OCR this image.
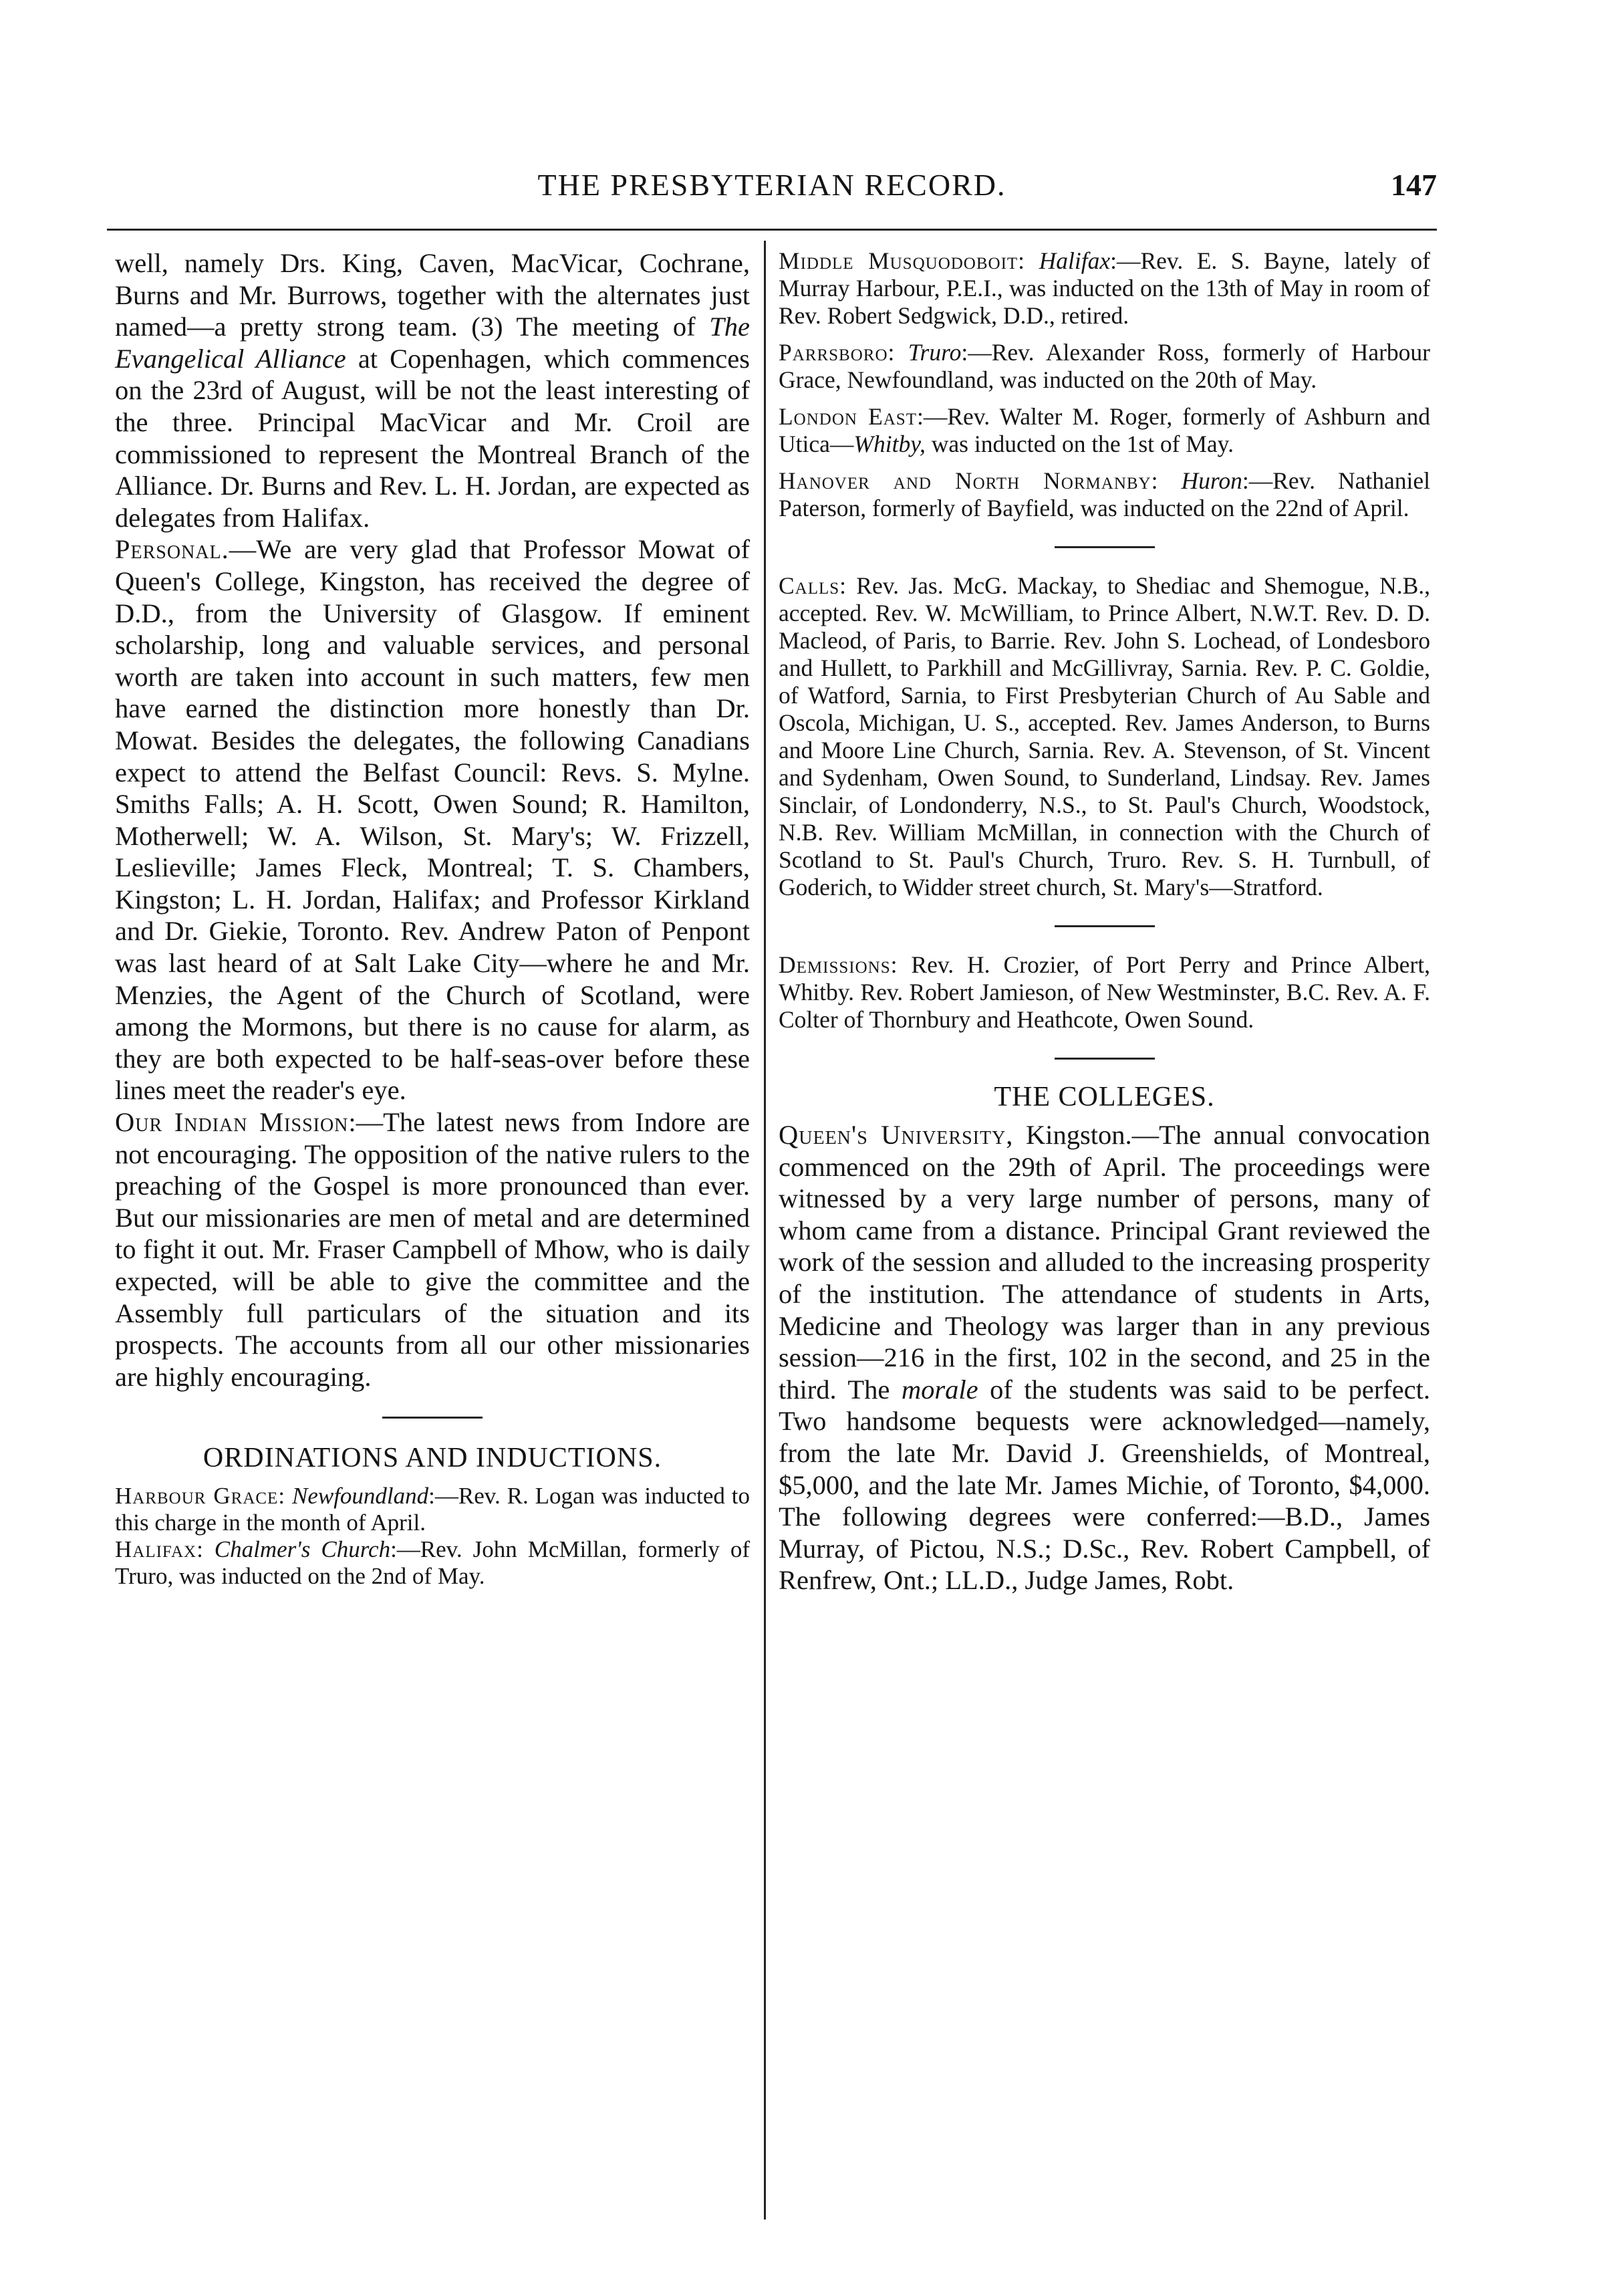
THE PRESBYTERIAN RECORD.	147

well, namely Drs. King, Caven, MacVicar, Cochrane, Burns and Mr. Burrows, together with the alternates just named—a pretty strong team. (3) The meeting of The Evangelical Alliance at Copenhagen, which commences on the 23rd of August, will be not the least interesting of the three. Principal MacVicar and Mr. Croil are commissioned to represent the Montreal Branch of the Alliance. Dr. Burns and Rev. L. H. Jordan, are expected as delegates from Halifax.

Personal.—We are very glad that Professor Mowat of Queen's College, Kingston, has received the degree of D.D., from the University of Glasgow. If eminent scholarship, long and valuable services, and personal worth are taken into account in such matters, few men have earned the distinction more honestly than Dr. Mowat. Besides the delegates, the following Canadians expect to attend the Belfast Council: Revs. S. Mylne. Smiths Falls; A. H. Scott, Owen Sound; R. Hamilton, Motherwell; W. A. Wilson, St. Mary's; W. Frizzell, Leslieville; James Fleck, Montreal; T. S. Chambers, Kingston; L. H. Jordan, Halifax; and Professor Kirkland and Dr. Giekie, Toronto. Rev. Andrew Paton of Penpont was last heard of at Salt Lake City—where he and Mr. Menzies, the Agent of the Church of Scotland, were among the Mormons, but there is no cause for alarm, as they are both expected to be half-seas-over before these lines meet the reader's eye.

Our Indian Mission:—The latest news from Indore are not encouraging. The opposition of the native rulers to the preaching of the Gospel is more pronounced than ever. But our missionaries are men of metal and are determined to fight it out. Mr. Fraser Campbell of Mhow, who is daily expected, will be able to give the committee and the Assembly full particulars of the situation and its prospects. The accounts from all our other missionaries are highly encouraging.

ORDINATIONS AND INDUCTIONS.

Harbour Grace: Newfoundland:—Rev. R. Logan was inducted to this charge in the month of April.

Halifax: Chalmer's Church:—Rev. John McMillan, formerly of Truro, was inducted on the 2nd of May.

Middle Musquodoboit: Halifax:—Rev. E. S. Bayne, lately of Murray Harbour, P.E.I., was inducted on the 13th of May in room of Rev. Robert Sedgwick, D.D., retired.

Parrsboro: Truro:—Rev. Alexander Ross, formerly of Harbour Grace, Newfoundland, was inducted on the 20th of May.

London East:—Rev. Walter M. Roger, formerly of Ashburn and Utica—Whitby, was inducted on the 1st of May.

Hanover and North Normanby: Huron:—Rev. Nathaniel Paterson, formerly of Bayfield, was inducted on the 22nd of April.

Calls: Rev. Jas. McG. Mackay, to Shediac and Shemogue, N.B., accepted. Rev. W. McWilliam, to Prince Albert, N.W.T. Rev. D. D. Macleod, of Paris, to Barrie. Rev. John S. Lochead, of Londesboro and Hullett, to Parkhill and McGillivray, Sarnia. Rev. P. C. Goldie, of Watford, Sarnia, to First Presbyterian Church of Au Sable and Oscola, Michigan, U. S., accepted. Rev. James Anderson, to Burns and Moore Line Church, Sarnia. Rev. A. Stevenson, of St. Vincent and Sydenham, Owen Sound, to Sunderland, Lindsay. Rev. James Sinclair, of Londonderry, N.S., to St. Paul's Church, Woodstock, N.B. Rev. William McMillan, in connection with the Church of Scotland to St. Paul's Church, Truro. Rev. S. H. Turnbull, of Goderich, to Widder street church, St. Mary's—Stratford.

Demissions: Rev. H. Crozier, of Port Perry and Prince Albert, Whitby. Rev. Robert Jamieson, of New Westminster, B.C. Rev. A. F. Colter of Thornbury and Heathcote, Owen Sound.

THE COLLEGES.

Queen's University, Kingston.—The annual convocation commenced on the 29th of April. The proceedings were witnessed by a very large number of persons, many of whom came from a distance. Principal Grant reviewed the work of the session and alluded to the increasing prosperity of the institution. The attendance of students in Arts, Medicine and Theology was larger than in any previous session—216 in the first, 102 in the second, and 25 in the third. The morale of the students was said to be perfect. Two handsome bequests were acknowledged—namely, from the late Mr. David J. Greenshields, of Montreal, $5,000, and the late Mr. James Michie, of Toronto, $4,000. The following degrees were conferred:—B.D., James Murray, of Pictou, N.S.; D.Sc., Rev. Robert Campbell, of Renfrew, Ont.; LL.D., Judge James, Robt.
